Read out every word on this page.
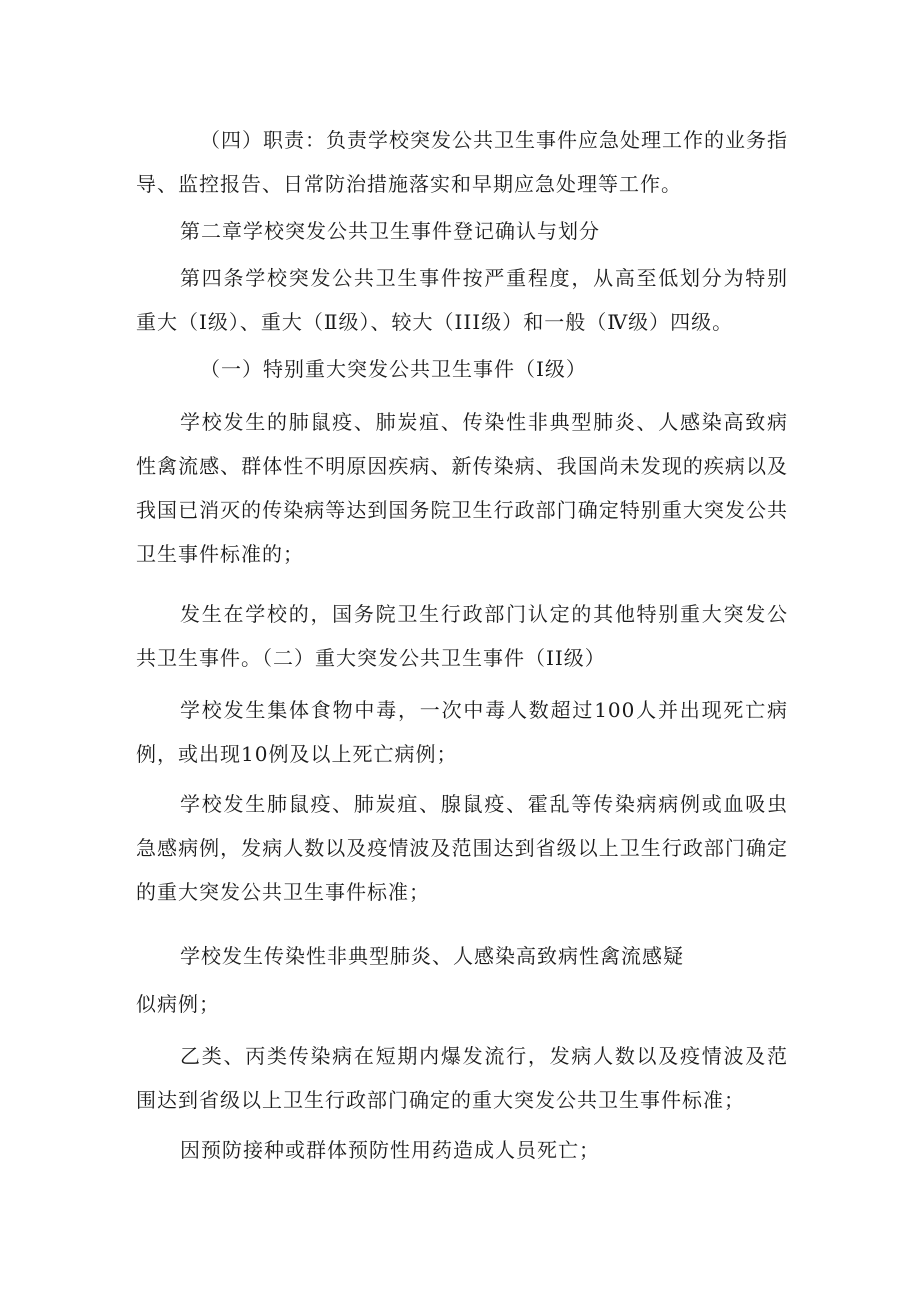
（四）职责：负责学校突发公共卫生事件应急处理工作的业务指导、监控报告、日常防治措施落实和早期应急处理等工作。

第二章学校突发公共卫生事件登记确认与划分

第四条学校突发公共卫生事件按严重程度，从高至低划分为特别重大（Ⅰ级）、重大（Ⅱ级）、较大（III级）和一般（Ⅳ级）四级。

（一）特别重大突发公共卫生事件（Ⅰ级）

学校发生的肺鼠疫、肺炭疽、传染性非典型肺炎、人感染高致病性禽流感、群体性不明原因疾病、新传染病、我国尚未发现的疾病以及我国已消灭的传染病等达到国务院卫生行政部门确定特别重大突发公共卫生事件标准的；

发生在学校的，国务院卫生行政部门认定的其他特别重大突发公共卫生事件。（二）重大突发公共卫生事件（II级）

学校发生集体食物中毒，一次中毒人数超过100人并出现死亡病例，或出现10例及以上死亡病例；

学校发生肺鼠疫、肺炭疽、腺鼠疫、霍乱等传染病病例或血吸虫急感病例，发病人数以及疫情波及范围达到省级以上卫生行政部门确定的重大突发公共卫生事件标准；

学校发生传染性非典型肺炎、人感染高致病性禽流感疑

似病例；

乙类、丙类传染病在短期内爆发流行，发病人数以及疫情波及范围达到省级以上卫生行政部门确定的重大突发公共卫生事件标准；

因预防接种或群体预防性用药造成人员死亡；
